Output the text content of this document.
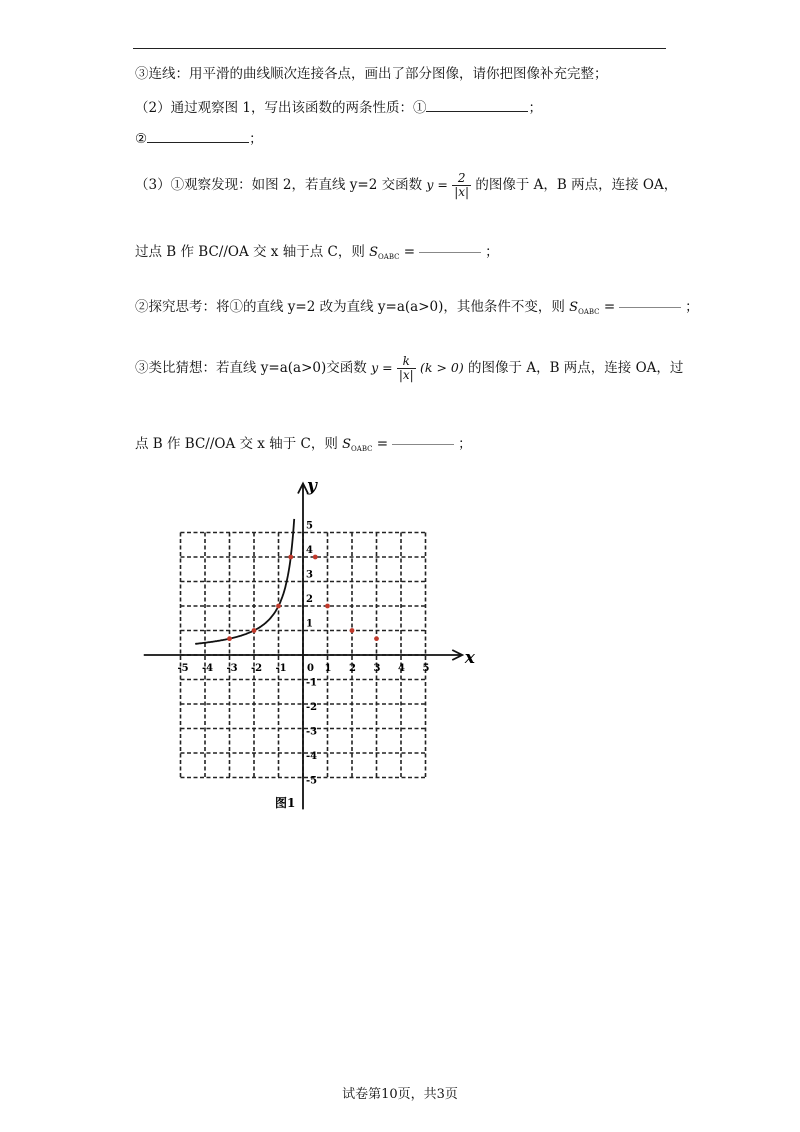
③连线：用平滑的曲线顺次连接各点，画出了部分图像，请你把图像补充完整；
（2）通过观察图 1，写出该函数的两条性质：①	；
②	；
（3）①观察发现：如图 2，若直线 y=2 交函数 $y = \frac{2}{|x|}$ 的图像于 A，B 两点，连接 OA，
过点 B 作 BC//OA 交 x 轴于点 C，则 $S_{OABC}$ =	；
②探究思考：将①的直线 y=2 改为直线 y=a(a>0)，其他条件不变，则 $S_{OABC}$ =	；
③类比猜想：若直线 y=a(a>0)交函数 $y = \frac{k}{|x|} (k > 0)$ 的图像于 A，B 两点，连接 OA，过
点 B 作 BC//OA 交 x 轴于 C，则 $S_{OABC}$ =	；
-5 -4 -3 -2 -1 0 1 2 3 4 5
5
4
3
2
1
-1
-2
-3
-4
-5
x
y
图1
试卷第10页，共3页
